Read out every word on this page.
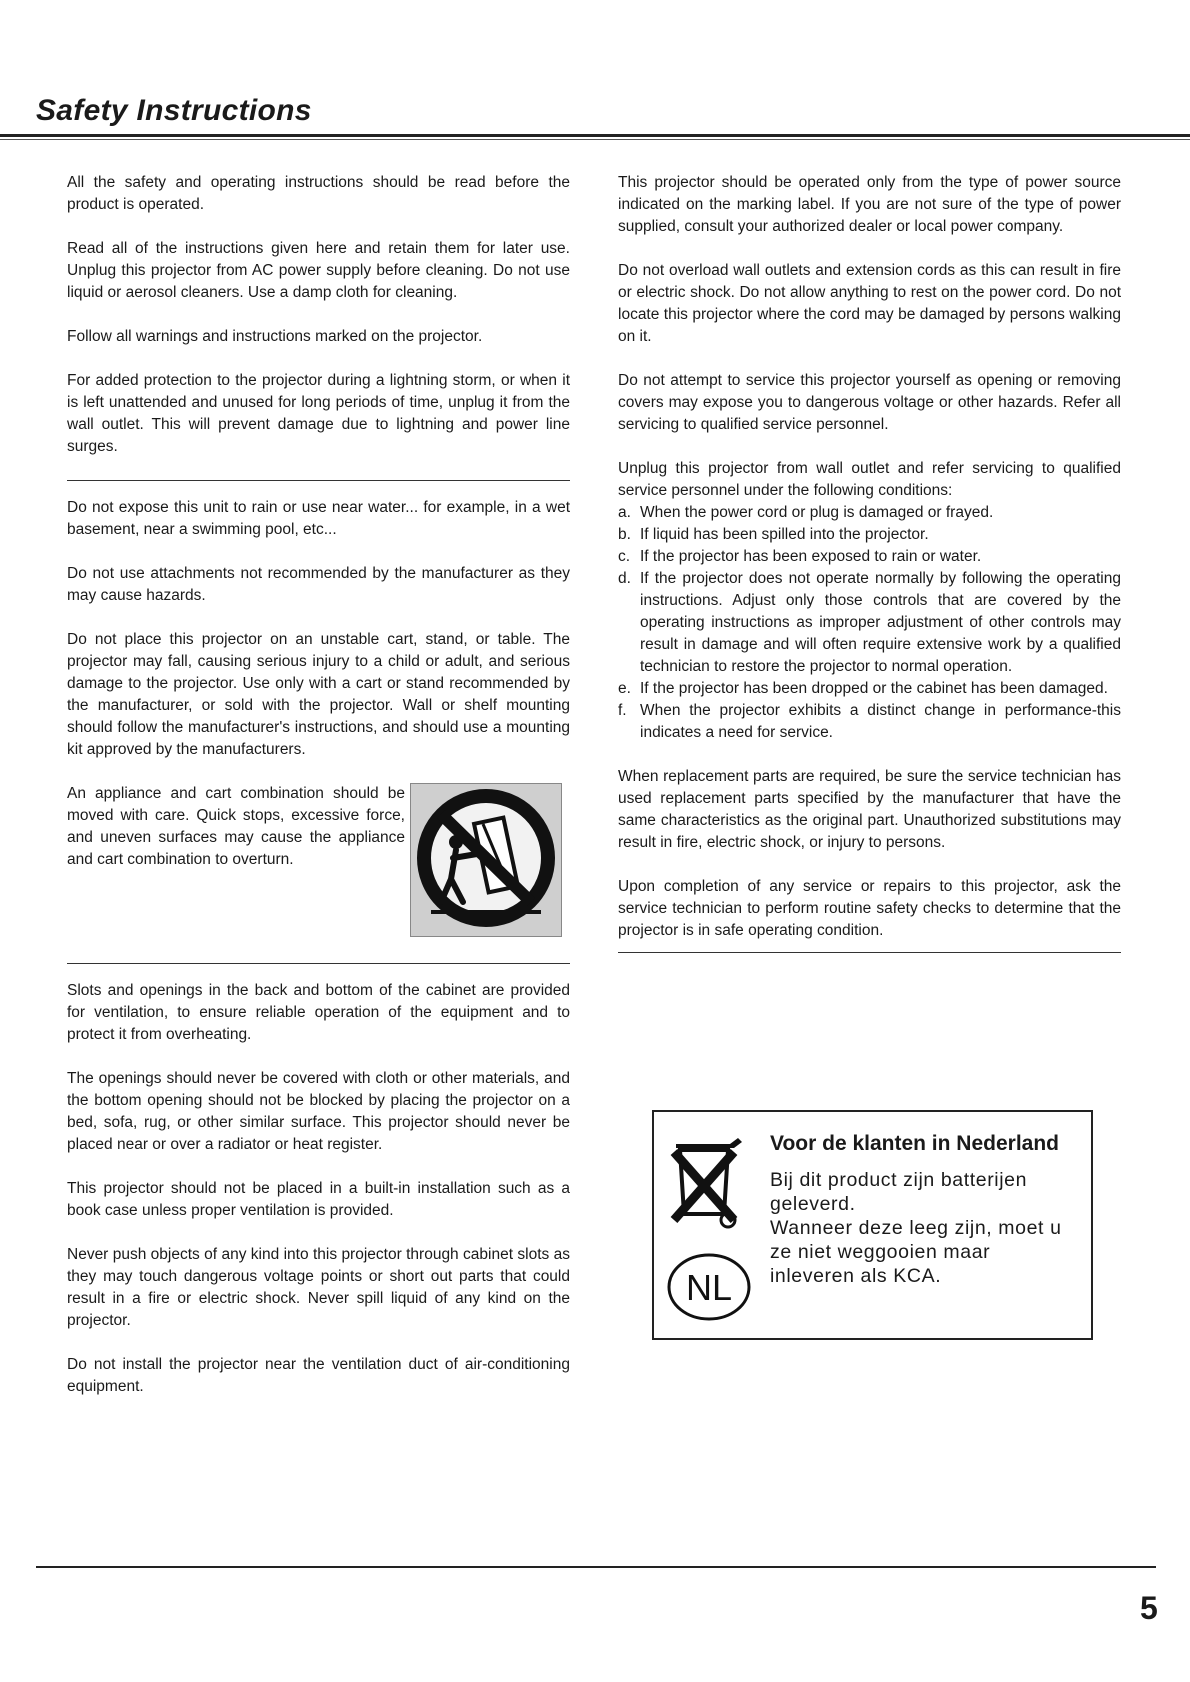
Safety Instructions

All the safety and operating instructions should be read before the product is operated.

Read all of the instructions given here and retain them for later use. Unplug this projector from AC power supply before cleaning. Do not use liquid or aerosol cleaners. Use a damp cloth for cleaning.

Follow all warnings and instructions marked on the projector.

For added protection to the projector during a lightning storm, or when it is left unattended and unused for long periods of time, unplug it from the wall outlet. This will prevent damage due to lightning and power line surges.

Do not expose this unit to rain or use near water... for example, in a wet basement, near a swimming pool, etc...

Do not use attachments not recommended by the manufacturer as they may cause hazards.

Do not place this projector on an unstable cart, stand, or table. The projector may fall, causing serious injury to a child or adult, and serious damage to the projector. Use only with a cart or stand recommended by the manufacturer, or sold with the projector. Wall or shelf mounting should follow the manufacturer's instructions, and should use a mounting kit approved by the manufacturers.

An appliance and cart combination should be moved with care. Quick stops, excessive force, and uneven surfaces may cause the appliance and cart combination to overturn.

Slots and openings in the back and bottom of the cabinet are provided for ventilation, to ensure reliable operation of the equipment and to protect it from overheating.

The openings should never be covered with cloth or other materials, and the bottom opening should not be blocked by placing the projector on a bed, sofa, rug, or other similar surface. This projector should never be placed near or over a radiator or heat register.

This projector should not be placed in a built-in installation such as a book case unless proper ventilation is provided.

Never push objects of any kind into this projector through cabinet slots as they may touch dangerous voltage points or short out parts that could result in a fire or electric shock. Never spill liquid of any kind on the projector.

Do not install the projector near the ventilation duct of air-conditioning equipment.

This projector should be operated only from the type of power source indicated on the marking label. If you are not sure of the type of power supplied, consult your authorized dealer or local power company.

Do not overload wall outlets and extension cords as this can result in fire or electric shock. Do not allow anything to rest on the power cord. Do not locate this projector where the cord may be damaged by persons walking on it.

Do not attempt to service this projector yourself as opening or removing covers may expose you to dangerous voltage or other hazards. Refer all servicing to qualified service personnel.

Unplug this projector from wall outlet and refer servicing to qualified service personnel under the following conditions:

a. When the power cord or plug is damaged or frayed.
b. If liquid has been spilled into the projector.
c. If the projector has been exposed to rain or water.
d. If the projector does not operate normally by following the operating instructions. Adjust only those controls that are covered by the operating instructions as improper adjustment of other controls may result in damage and will often require extensive work by a qualified technician to restore the projector to normal operation.
e. If the projector has been dropped or the cabinet has been damaged.
f. When the projector exhibits a distinct change in performance-this indicates a need for service.

When replacement parts are required, be sure the service technician has used replacement parts specified by the manufacturer that have the same characteristics as the original part. Unauthorized substitutions may result in fire, electric shock, or injury to persons.

Upon completion of any service or repairs to this projector, ask the service technician to perform routine safety checks to determine that the projector is in safe operating condition.

NL
Voor de klanten in Nederland
Bij dit product zijn batterijen geleverd.
Wanneer deze leeg zijn, moet u ze niet weggooien maar inleveren als KCA.
5
